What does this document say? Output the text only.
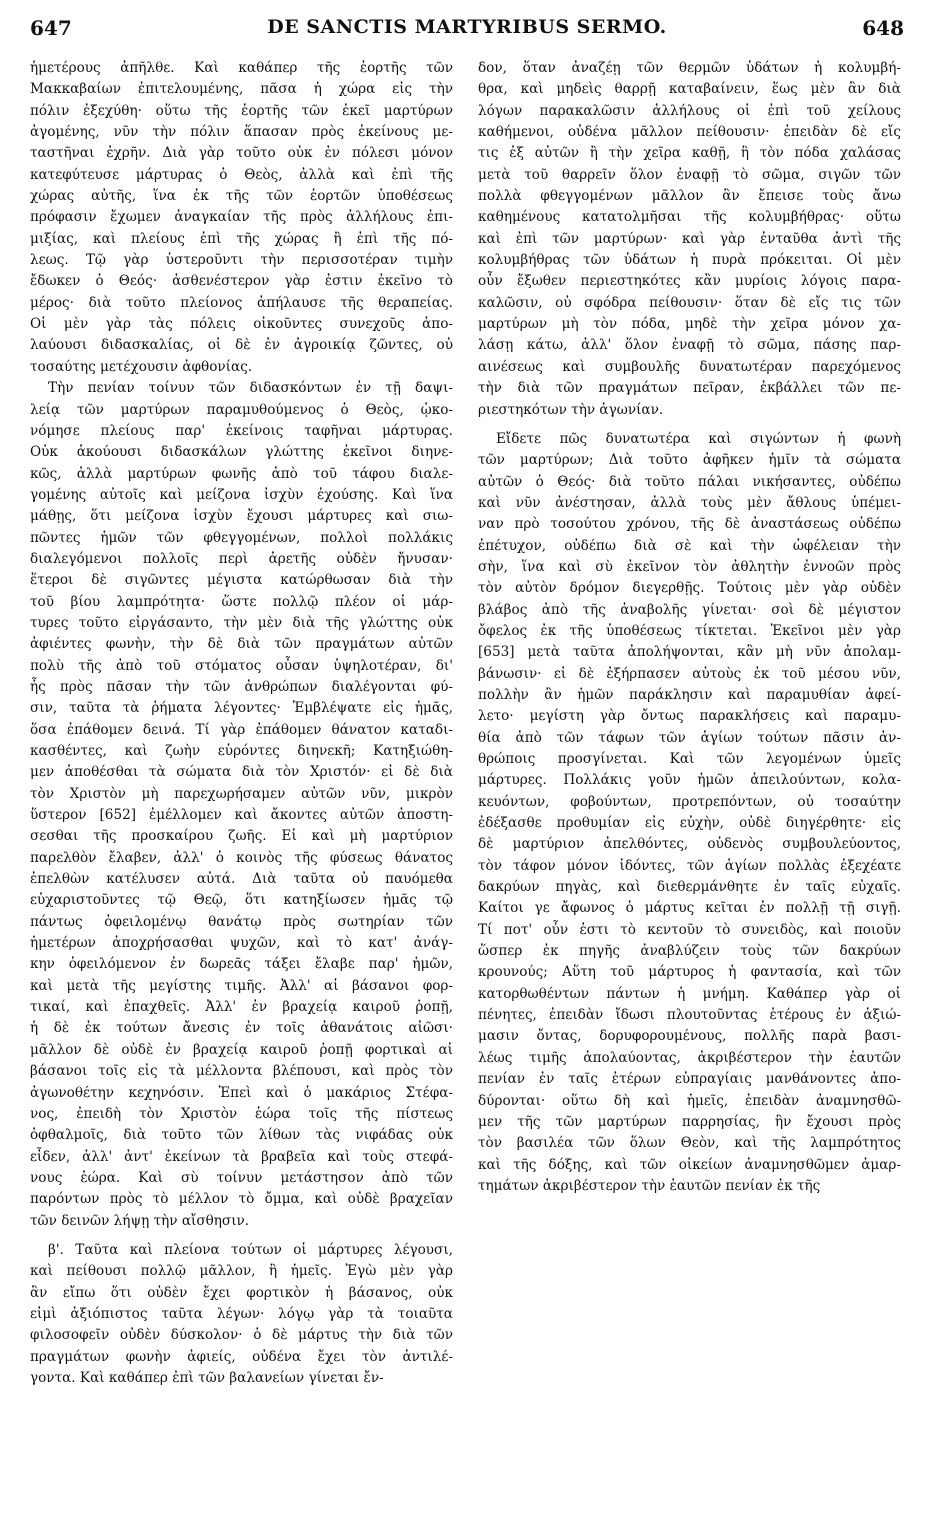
647	DE SANCTIS MARTYRIBUS SERMO.	648
ἡμετέρους ἀπῆλθε. Καὶ καθάπερ τῆς ἑορτῆς τῶν
Μακκαβαίων ἐπιτελουμένης, πᾶσα ἡ χώρα εἰς τὴν
πόλιν ἐξεχύθη· οὕτω τῆς ἑορτῆς τῶν ἐκεῖ μαρτύρων
ἀγομένης, νῦν τὴν πόλιν ἅπασαν πρὸς ἐκείνους με-
ταστῆναι ἐχρῆν. Διὰ γὰρ τοῦτο οὐκ ἐν πόλεσι μόνον
κατεφύτευσε μάρτυρας ὁ Θεὸς, ἀλλὰ καὶ ἐπὶ τῆς
χώρας αὐτῆς, ἵνα ἐκ τῆς τῶν ἑορτῶν ὑποθέσεως
πρόφασιν ἔχωμεν ἀναγκαίαν τῆς πρὸς ἀλλήλους ἐπι-
μιξίας, καὶ πλείους ἐπὶ τῆς χώρας ἢ ἐπὶ τῆς πό-
λεως. Τῷ γὰρ ὑστεροῦντι τὴν περισσοτέραν τιμὴν
ἔδωκεν ὁ Θεός· ἀσθενέστερον γὰρ ἐστιν ἐκεῖνο τὸ
μέρος· διὰ τοῦτο πλείονος ἀπήλαυσε τῆς θεραπείας.
Οἱ μὲν γὰρ τὰς πόλεις οἰκοῦντες συνεχοῦς ἀπο-
λαύουσι διδασκαλίας, οἱ δὲ ἐν ἀγροικίᾳ ζῶντες, οὐ
τοσαύτης μετέχουσιν ἀφθονίας.
Τὴν πενίαν τοίνυν τῶν διδασκόντων ἐν τῇ δαψι-
λείᾳ τῶν μαρτύρων παραμυθούμενος ὁ Θεὸς, ᾠκο-
νόμησε πλείους παρ' ἐκείνοις ταφῆναι μάρτυρας.
Οὐκ ἀκούουσι διδασκάλων γλώττης ἐκεῖνοι διηνε-
κῶς, ἀλλὰ μαρτύρων φωνῆς ἀπὸ τοῦ τάφου διαλε-
γομένης αὐτοῖς καὶ μείζονα ἰσχὺν ἐχούσης. Καὶ ἵνα
μάθῃς, ὅτι μείζονα ἰσχὺν ἔχουσι μάρτυρες καὶ σιω-
πῶντες ἡμῶν τῶν φθεγγομένων, πολλοὶ πολλάκις
διαλεγόμενοι πολλοῖς περὶ ἀρετῆς οὐδὲν ἤνυσαν·
ἕτεροι δὲ σιγῶντες μέγιστα κατώρθωσαν διὰ τὴν
τοῦ βίου λαμπρότητα· ὥστε πολλῷ πλέον οἱ μάρ-
τυρες τοῦτο εἰργάσαντο, τὴν μὲν διὰ τῆς γλώττης οὐκ
ἀφιέντες φωνὴν, τὴν δὲ διὰ τῶν πραγμάτων αὐτῶν
πολὺ τῆς ἀπὸ τοῦ στόματος οὖσαν ὑψηλοτέραν, δι'
ἧς πρὸς πᾶσαν τὴν τῶν ἀνθρώπων διαλέγονται φύ-
σιν, ταῦτα τὰ ῥήματα λέγοντες· Ἐμβλέψατε εἰς ἡμᾶς,
ὅσα ἐπάθομεν δεινά. Τί γὰρ ἐπάθομεν θάνατον καταδι-
κασθέντες, καὶ ζωὴν εὑρόντες διηνεκῆ; Κατηξιώθη-
μεν ἀποθέσθαι τὰ σώματα διὰ τὸν Χριστόν· εἰ δὲ διὰ
τὸν Χριστὸν μὴ παρεχωρήσαμεν αὐτῶν νῦν, μικρὸν
ὕστερον [652] ἐμέλλομεν καὶ ἄκοντες αὐτῶν ἀποστη-
σεσθαι τῆς προσκαίρου ζωῆς. Εἰ καὶ μὴ μαρτύριον
παρελθὸν ἔλαβεν, ἀλλ' ὁ κοινὸς τῆς φύσεως θάνατος
ἐπελθὼν κατέλυσεν αὐτά. Διὰ ταῦτα οὐ παυόμεθα
εὐχαριστοῦντες τῷ Θεῷ, ὅτι κατηξίωσεν ἡμᾶς τῷ
πάντως ὀφειλομένῳ θανάτῳ πρὸς σωτηρίαν τῶν
ἡμετέρων ἀποχρήσασθαι ψυχῶν, καὶ τὸ κατ' ἀνάγ-
κην ὀφειλόμενον ἐν δωρεᾶς τάξει ἔλαβε παρ' ἡμῶν,
καὶ μετὰ τῆς μεγίστης τιμῆς. Ἀλλ' αἱ βάσανοι φορ-
τικαί, καὶ ἐπαχθεῖς. Ἀλλ' ἐν βραχείᾳ καιροῦ ῥοπῇ,
ἡ δὲ ἐκ τούτων ἄνεσις ἐν τοῖς ἀθανάτοις αἰῶσι·
μᾶλλον δὲ οὐδὲ ἐν βραχείᾳ καιροῦ ῥοπῇ φορτικαὶ αἱ
βάσανοι τοῖς εἰς τὰ μέλλοντα βλέπουσι, καὶ πρὸς τὸν
ἀγωνοθέτην κεχηνόσιν. Ἐπεὶ καὶ ὁ μακάριος Στέφα-
νος, ἐπειδὴ τὸν Χριστὸν ἑώρα τοῖς τῆς πίστεως
ὀφθαλμοῖς, διὰ τοῦτο τῶν λίθων τὰς νιφάδας οὐκ
εἶδεν, ἀλλ' ἀντ' ἐκείνων τὰ βραβεῖα καὶ τοὺς στεφά-
νους ἑώρα. Καὶ σὺ τοίνυν μετάστησον ἀπὸ τῶν
παρόντων πρὸς τὸ μέλλον τὸ ὄμμα, καὶ οὐδὲ βραχεῖαν
τῶν δεινῶν λήψῃ τὴν αἴσθησιν.
β'. Ταῦτα καὶ πλείονα τούτων οἱ μάρτυρες λέγουσι,
καὶ πείθουσι πολλῷ μᾶλλον, ἢ ἡμεῖς. Ἐγὼ μὲν γὰρ
ἂν εἴπω ὅτι οὐδὲν ἔχει φορτικὸν ἡ βάσανος, οὐκ
εἰμὶ ἀξιόπιστος ταῦτα λέγων· λόγῳ γὰρ τὰ τοιαῦτα
φιλοσοφεῖν οὐδὲν δύσκολον· ὁ δὲ μάρτυς τὴν διὰ τῶν
πραγμάτων φωνὴν ἀφιείς, οὐδένα ἔχει τὸν ἀντιλέ-
γοντα. Καὶ καθάπερ ἐπὶ τῶν βαλανείων γίνεται ἔν-
δον, ὅταν ἀναζέῃ τῶν θερμῶν ὑδάτων ἡ κολυμβή-
θρα, καὶ μηδεὶς θαρρῇ καταβαίνειν, ἕως μὲν ἂν διὰ
λόγων παρακαλῶσιν ἀλλήλους οἱ ἐπὶ τοῦ χείλους
καθήμενοι, οὐδένα μᾶλλον πείθουσιν· ἐπειδὰν δὲ εἴς
τις ἐξ αὐτῶν ἢ τὴν χεῖρα καθῇ, ἢ τὸν πόδα χαλάσας
μετὰ τοῦ θαρρεῖν ὅλον ἐναφῇ τὸ σῶμα, σιγῶν τῶν
πολλὰ φθεγγομένων μᾶλλον ἂν ἔπεισε τοὺς ἄνω
καθημένους κατατολμῆσαι τῆς κολυμβήθρας· οὕτω
καὶ ἐπὶ τῶν μαρτύρων· καὶ γὰρ ἐνταῦθα ἀντὶ τῆς
κολυμβήθρας τῶν ὑδάτων ἡ πυρὰ πρόκειται. Οἱ μὲν
οὖν ἔξωθεν περιεστηκότες κἂν μυρίοις λόγοις παρα-
καλῶσιν, οὐ σφόδρα πείθουσιν· ὅταν δὲ εἴς τις τῶν
μαρτύρων μὴ τὸν πόδα, μηδὲ τὴν χεῖρα μόνον χα-
λάσῃ κάτω, ἀλλ' ὅλον ἐναφῇ τὸ σῶμα, πάσης παρ-
αινέσεως καὶ συμβουλῆς δυνατωτέραν παρεχόμενος
τὴν διὰ τῶν πραγμάτων πεῖραν, ἐκβάλλει τῶν πε-
ριεστηκότων τὴν ἀγωνίαν.
Εἴδετε πῶς δυνατωτέρα καὶ σιγώντων ἡ φωνὴ
τῶν μαρτύρων; Διὰ τοῦτο ἀφῆκεν ἡμῖν τὰ σώματα
αὐτῶν ὁ Θεός· διὰ τοῦτο πάλαι νικήσαντες, οὐδέπω
καὶ νῦν ἀνέστησαν, ἀλλὰ τοὺς μὲν ἄθλους ὑπέμει-
ναν πρὸ τοσούτου χρόνου, τῆς δὲ ἀναστάσεως οὐδέπω
ἐπέτυχον, οὐδέπω διὰ σὲ καὶ τὴν ὠφέλειαν τὴν
σὴν, ἵνα καὶ σὺ ἐκεῖνον τὸν ἀθλητὴν ἐννοῶν πρὸς
τὸν αὐτὸν δρόμον διεγερθῇς. Τούτοις μὲν γὰρ οὐδὲν
βλάβος ἀπὸ τῆς ἀναβολῆς γίνεται· σοὶ δὲ μέγιστον
ὄφελος ἐκ τῆς ὑποθέσεως τίκτεται. Ἐκεῖνοι μὲν γὰρ
[653] μετὰ ταῦτα ἀπολήψονται, κἂν μὴ νῦν ἀπολαμ-
βάνωσιν· εἰ δὲ ἐξήρπασεν αὐτοὺς ἐκ τοῦ μέσου νῦν,
πολλὴν ἂν ἡμῶν παράκλησιν καὶ παραμυθίαν ἀφεί-
λετο· μεγίστη γὰρ ὄντως παρακλήσεις καὶ παραμυ-
θία ἀπὸ τῶν τάφων τῶν ἁγίων τούτων πᾶσιν ἀν-
θρώποις προσγίνεται. Καὶ τῶν λεγομένων ὑμεῖς
μάρτυρες. Πολλάκις γοῦν ἡμῶν ἀπειλούντων, κολα-
κευόντων, φοβούντων, προτρεπόντων, οὐ τοσαύτην
ἐδέξασθε προθυμίαν εἰς εὐχὴν, οὐδὲ διηγέρθητε· εἰς
δὲ μαρτύριον ἀπελθόντες, οὐδενὸς συμβουλεύοντος,
τὸν τάφον μόνον ἰδόντες, τῶν ἁγίων πολλὰς ἐξεχέατε
δακρύων πηγὰς, καὶ διεθερμάνθητε ἐν ταῖς εὐχαῖς.
Καίτοι γε ἄφωνος ὁ μάρτυς κεῖται ἐν πολλῇ τῇ σιγῇ.
Τί ποτ' οὖν ἐστι τὸ κεντοῦν τὸ συνειδὸς, καὶ ποιοῦν
ὥσπερ ἐκ πηγῆς ἀναβλύζειν τοὺς τῶν δακρύων
κρουνούς; Αὕτη τοῦ μάρτυρος ἡ φαντασία, καὶ τῶν
κατορθωθέντων πάντων ἡ μνήμη. Καθάπερ γὰρ οἱ
πένητες, ἐπειδὰν ἴδωσι πλουτοῦντας ἑτέρους ἐν ἀξιώ-
μασιν ὄντας, δορυφορουμένους, πολλῆς παρὰ βασι-
λέως τιμῆς ἀπολαύοντας, ἀκριβέστερον τὴν ἑαυτῶν
πενίαν ἐν ταῖς ἑτέρων εὐπραγίαις μανθάνοντες ἀπο-
δύρονται· οὕτω δὴ καὶ ἡμεῖς, ἐπειδὰν ἀναμνησθῶ-
μεν τῆς τῶν μαρτύρων παρρησίας, ἣν ἔχουσι πρὸς
τὸν βασιλέα τῶν ὅλων Θεὸν, καὶ τῆς λαμπρότητος
καὶ τῆς δόξης, καὶ τῶν οἰκείων ἀναμνησθῶμεν ἁμαρ-
τημάτων ἀκριβέστερον τὴν ἑαυτῶν πενίαν ἐκ τῆς
